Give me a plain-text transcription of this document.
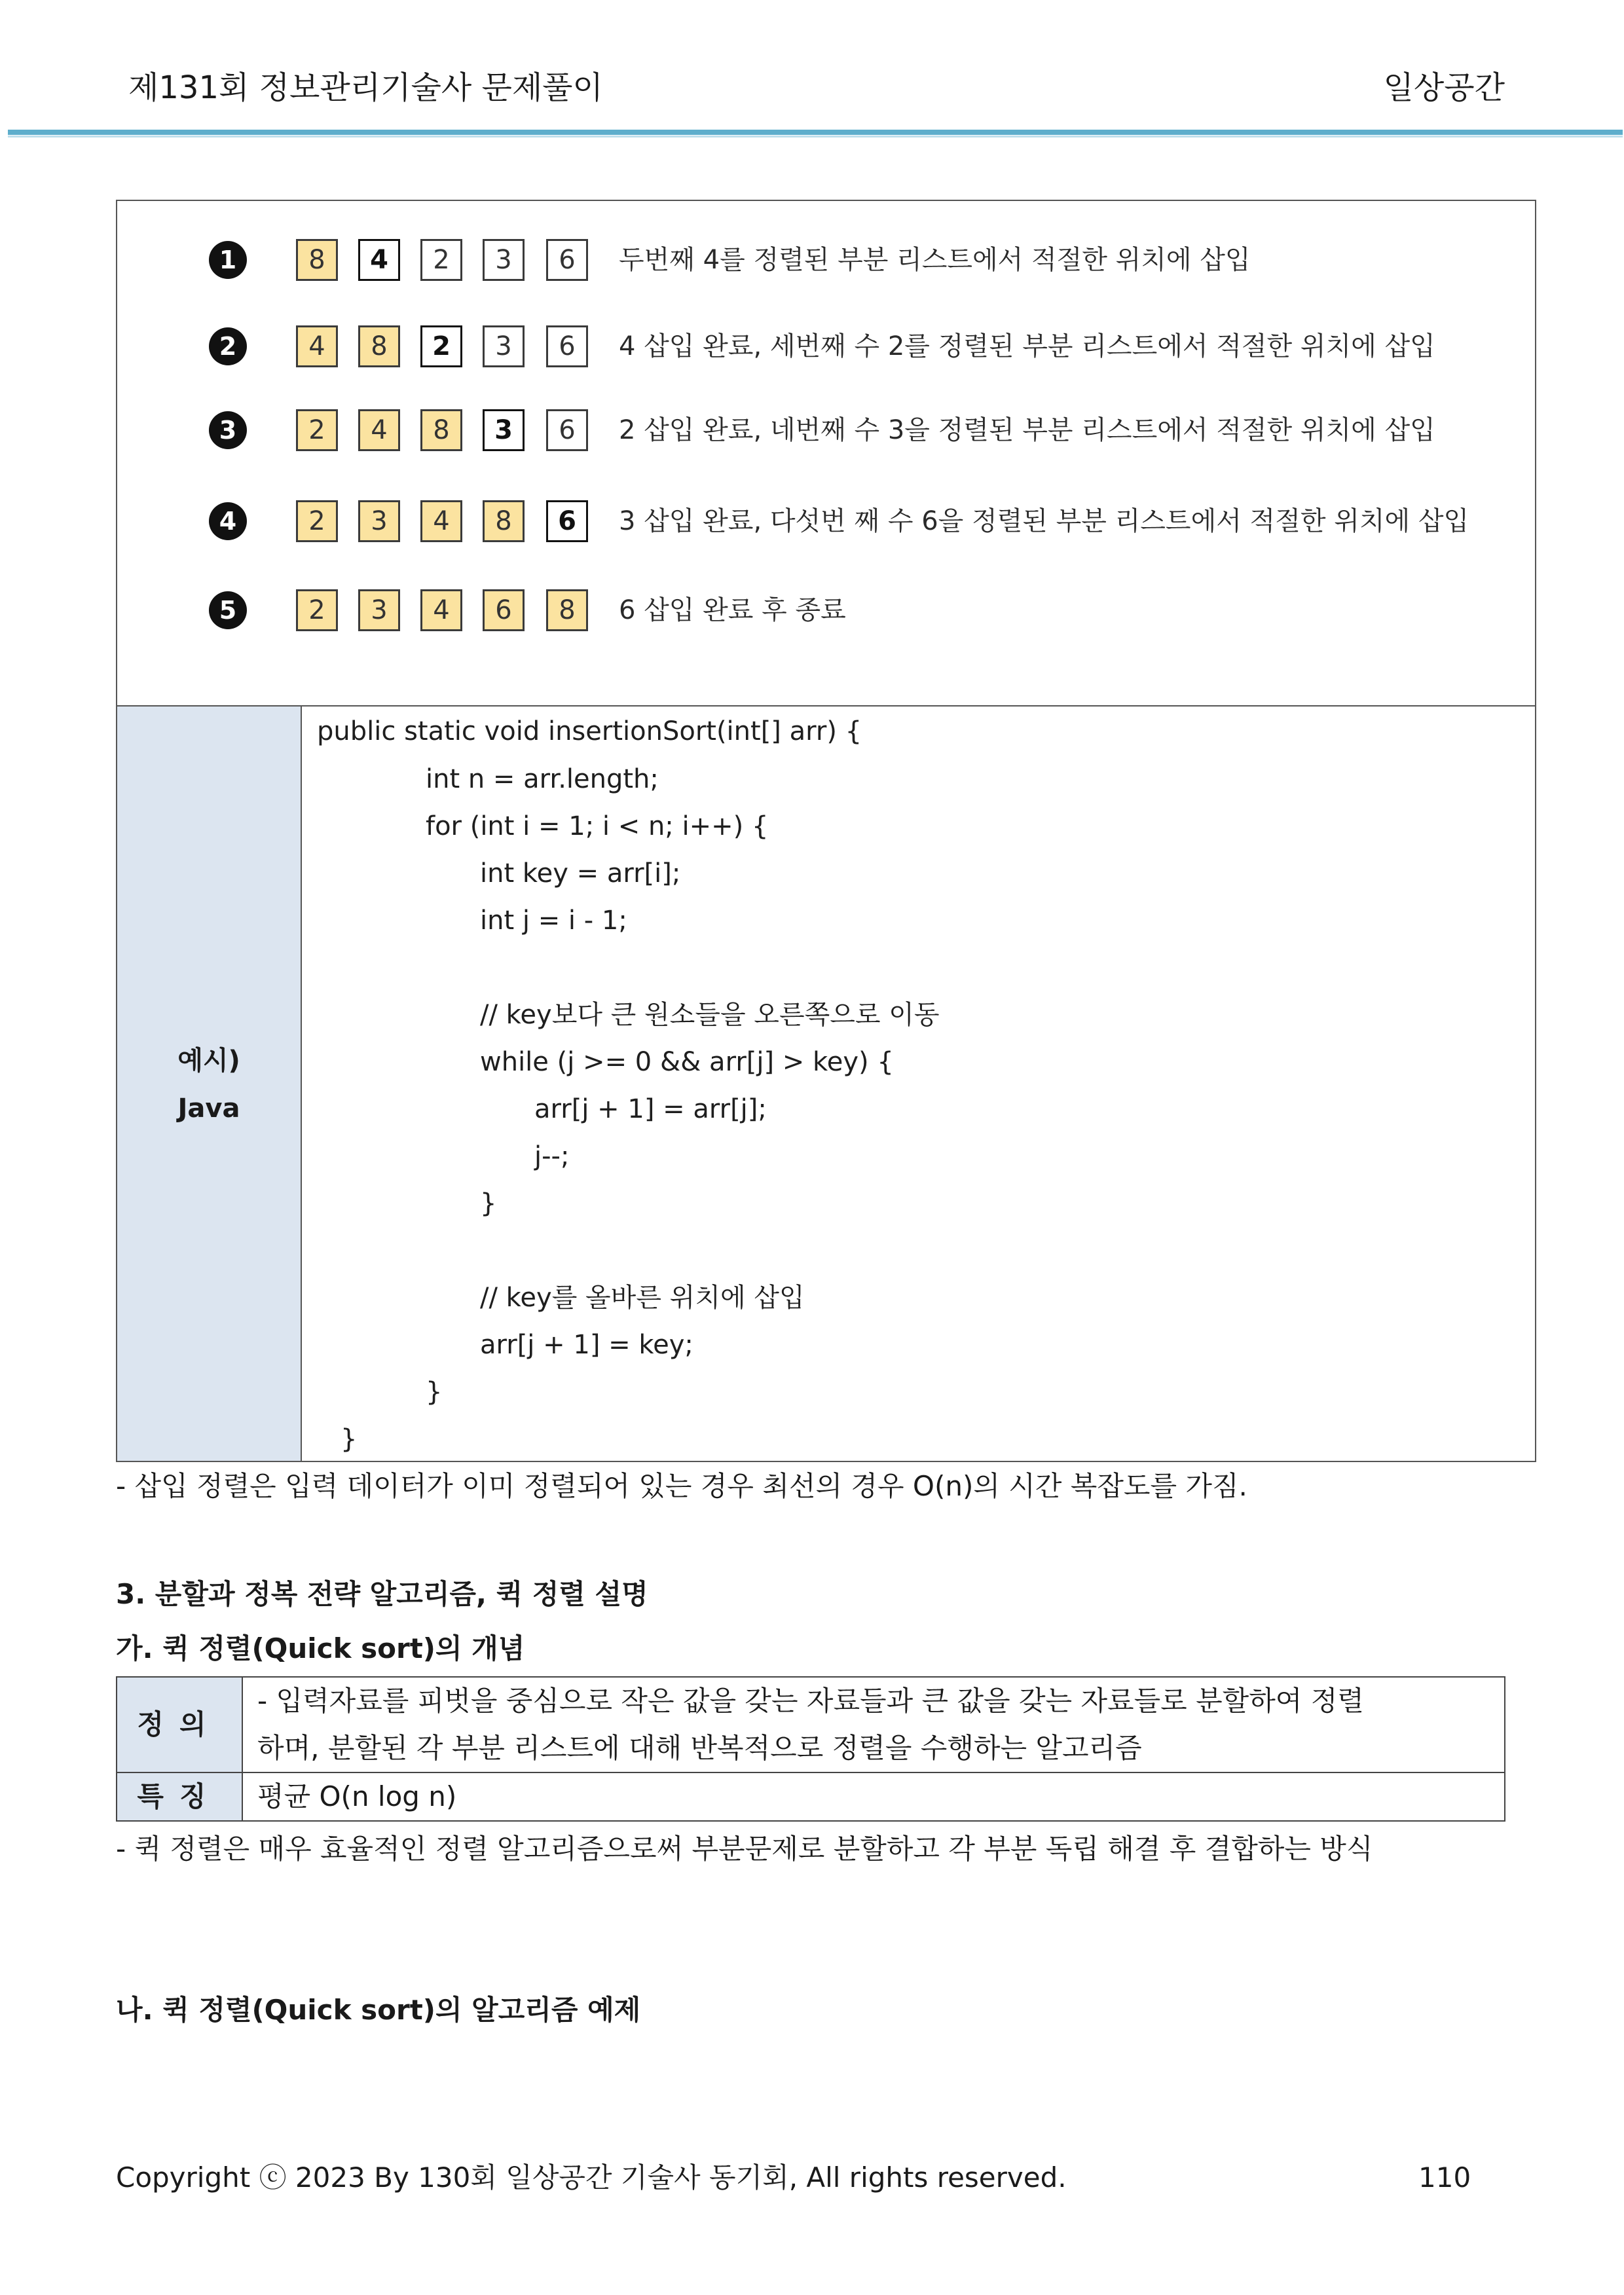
제131회 정보관리기술사 문제풀이	일상공간
예시)
Java
1	8	4	2	3	6	두번째 4를 정렬된 부분 리스트에서 적절한 위치에 삽입
2	4	8	2	3	6	4 삽입 완료, 세번째 수 2를 정렬된 부분 리스트에서 적절한 위치에 삽입
3	2	4	8	3	6	2 삽입 완료, 네번째 수 3을 정렬된 부분 리스트에서 적절한 위치에 삽입
4	2	3	4	8	6	3 삽입 완료, 다섯번 째 수 6을 정렬된 부분 리스트에서 적절한 위치에 삽입
5	2	3	4	6	8	6 삽입 완료 후 종료
public static void insertionSort(int[] arr) {
int n = arr.length;
for (int i = 1; i < n; i++) {
int key = arr[i];
int j = i - 1;
// key보다 큰 원소들을 오른쪽으로 이동
while (j >= 0 && arr[j] > key) {
arr[j + 1] = arr[j];
j--;
}
// key를 올바른 위치에 삽입
arr[j + 1] = key;
}
}
- 삽입 정렬은 입력 데이터가 이미 정렬되어 있는 경우 최선의 경우 O(n)의 시간 복잡도를 가짐.
3. 분할과 정복 전략 알고리즘, 퀵 정렬 설명
가. 퀵 정렬(Quick sort)의 개념
정의	- 입력자료를 피벗을 중심으로 작은 값을 갖는 자료들과 큰 값을 갖는 자료들로 분할하여 정렬
하며, 분할된 각 부분 리스트에 대해 반복적으로 정렬을 수행하는 알고리즘

특징	평균 O(n log n)
- 퀵 정렬은 매우 효율적인 정렬 알고리즘으로써 부분문제로 분할하고 각 부분 독립 해결 후 결합하는 방식
나. 퀵 정렬(Quick sort)의 알고리즘 예제
Copyright ⓒ 2023 By 130회 일상공간 기술사 동기회, All rights reserved.	110
